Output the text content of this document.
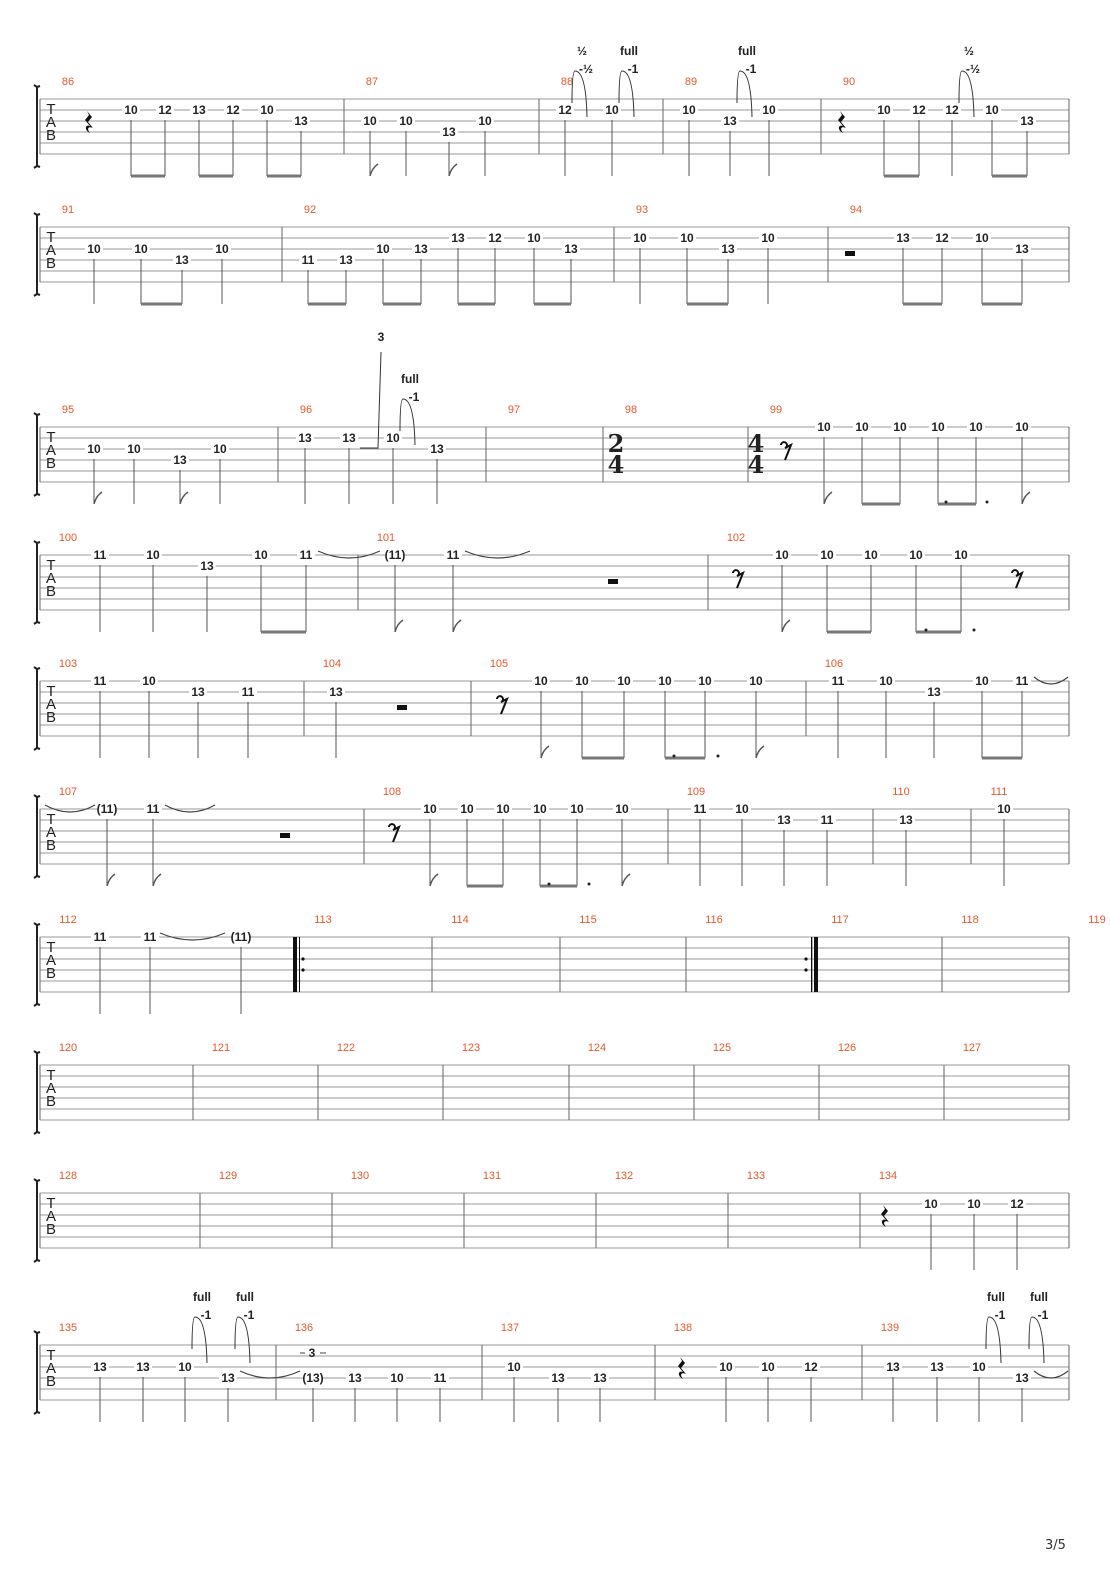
T
A
B
86
10 12 13 12 10
13
87
10 10
13
10
88
12	10
89
10
13
10
90
10 12 12 10
13
T
A
B
91
10	10
13
10
92
11 13
10 13
13 12 10
13
93
10	10
13
10
94
13 12 10
13
T
A
B
95
10 10
13
10
96
13	13	10
13
97	98	99
10 10 10 10 10	10
T
A
B
100
11	10
13
10	11
101
(11)	11
102
10	10	10	10	10
T
A
B
103
11	10
13	11
104
13
105
10 10 10 10 10	10
106
11	10
13
10 11
T
A
B
107
(11) 11
108
10 10 10 10 10	10
109
11 10
13 11
110
13
111
10
T
A
B
112
11	11
113
(11)
114	115	116	117	118	119
T
A
B
120	121	122	123	124	125	126	127
T
A
B
128	129	130	131	132	133	134
10 10 12
T
A
B
135
13 13 10
13
136
(13) 13 10 11
137
10
13 13
138
10 10 12
139
13	13 10
13
2
4
4
4
½
-½
full
-1
full
-1
½
-½
full
-1
full
-1
full
-1
full
-1
full
-1
3
3
3/5
